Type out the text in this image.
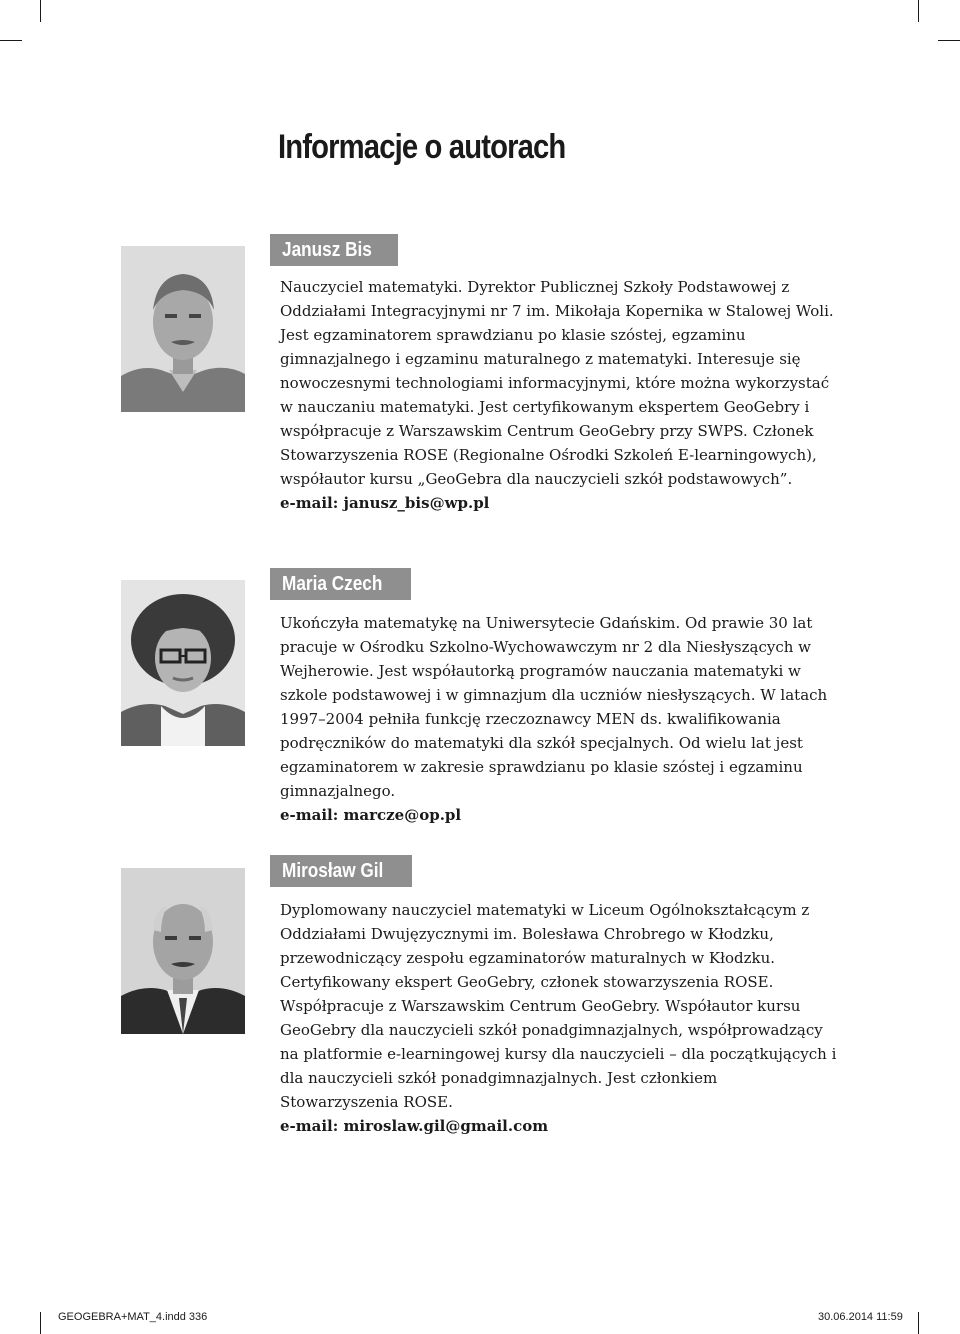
Informacje o autorach
Janusz Bis

Nauczyciel matematyki. Dyrektor Publicznej Szkoły Podstawowej z Oddziałami Integracyjnymi nr 7 im. Mikołaja Kopernika w Stalowej Woli. Jest egzaminatorem sprawdzianu po klasie szóstej, egzaminu gimnazjalnego i egzaminu maturalnego z matematyki. Interesuje się nowoczesnymi technologiami informacyjnymi, które można wykorzystać w nauczaniu matematyki. Jest certyfikowanym ekspertem GeoGebry i współpracuje z Warszawskim Centrum GeoGebry przy SWPS. Członek Stowarzyszenia ROSE (Regionalne Ośrodki Szkoleń E-learningowych), współautor kursu „GeoGebra dla nauczycieli szkół podstawowych”.
e-mail: janusz_bis@wp.pl

Maria Czech

Ukończyła matematykę na Uniwersytecie Gdańskim. Od prawie 30 lat pracuje w Ośrodku Szkolno-Wychowawczym nr 2 dla Niesłyszących w Wejherowie. Jest współautorką programów nauczania matematyki w szkole podstawowej i w gimnazjum dla uczniów niesłyszących. W latach 1997–2004 pełniła funkcję rzeczoznawcy MEN ds. kwalifikowania podręczników do matematyki dla szkół specjalnych. Od wielu lat jest egzaminatorem w zakresie sprawdzianu po klasie szóstej i egzaminu gimnazjalnego.
e-mail: marcze@op.pl

Mirosław Gil

Dyplomowany nauczyciel matematyki w Liceum Ogólnokształcącym z Oddziałami Dwujęzycznymi im. Bolesława Chrobrego w Kłodzku, przewodniczący zespołu egzaminatorów maturalnych w Kłodzku. Certyfikowany ekspert GeoGebry, członek stowarzyszenia ROSE. Współpracuje z Warszawskim Centrum GeoGebry. Współautor kursu GeoGebry dla nauczycieli szkół ponadgimnazjalnych, współprowadzący na platformie e-learningowej kursy dla nauczycieli – dla początkujących i dla nauczycieli szkół ponadgimnazjalnych. Jest członkiem Stowarzyszenia ROSE.
e-mail: miroslaw.gil@gmail.com

GEOGEBRA+MAT_4.indd 336	30.06.2014 11:59
